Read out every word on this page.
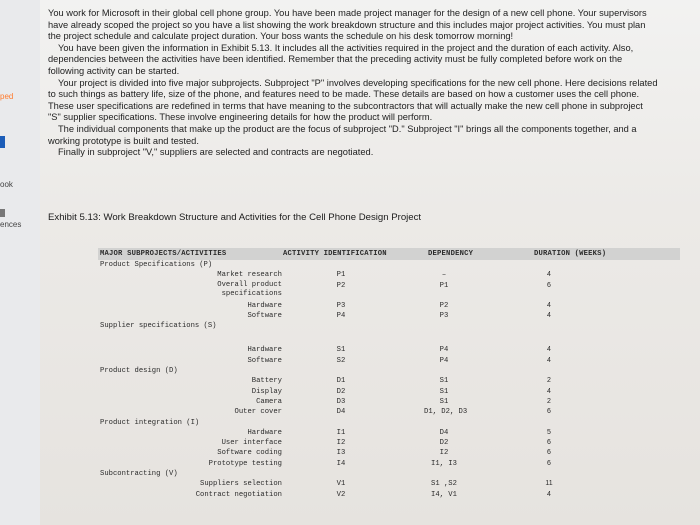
ped
ook
ences

You work for Microsoft in their global cell phone group. You have been made project manager for the design of a new cell phone. Your supervisors have already scoped the project so you have a list showing the work breakdown structure and this includes major project activities. You must plan the project schedule and calculate project duration. Your boss wants the schedule on his desk tomorrow morning!

You have been given the information in Exhibit 5.13. It includes all the activities required in the project and the duration of each activity. Also, dependencies between the activities have been identified. Remember that the preceding activity must be fully completed before work on the following activity can be started.

Your project is divided into five major subprojects. Subproject "P" involves developing specifications for the new cell phone. Here decisions related to such things as battery life, size of the phone, and features need to be made. These details are based on how a customer uses the cell phone. These user specifications are redefined in terms that have meaning to the subcontractors that will actually make the new cell phone in subproject "S" supplier specifications. These involve engineering details for how the product will perform.

The individual components that make up the product are the focus of subproject "D." Subproject "I" brings all the components together, and a working prototype is built and tested.

Finally in subproject "V," suppliers are selected and contracts are negotiated.

Exhibit 5.13: Work Breakdown Structure and Activities for the Cell Phone Design Project
MAJOR SUBPROJECTS/ACTIVITIES	ACTIVITY IDENTIFICATION	DEPENDENCY	DURATION (WEEKS)
Product Specifications (P)
Market research	P1	–	4
Overall product
specifications
P2	P1	6
Hardware	P3	P2	4
Software	P4	P3	4
Supplier specifications (S)
Hardware	S1	P4	4
Software	S2	P4	4
Product design (D)
Battery	D1	S1	2
Display	D2	S1	4
Camera	D3	S1	2
Outer cover	D4	D1, D2, D3	6
Product integration (I)
Hardware	I1	D4	5
User interface	I2	D2	6
Software coding	I3	I2	6
Prototype testing	I4	I1, I3	6
Subcontracting (V)
Suppliers selection	V1	S1 ,S2	11
Contract negotiation	V2	I4, V1	4
